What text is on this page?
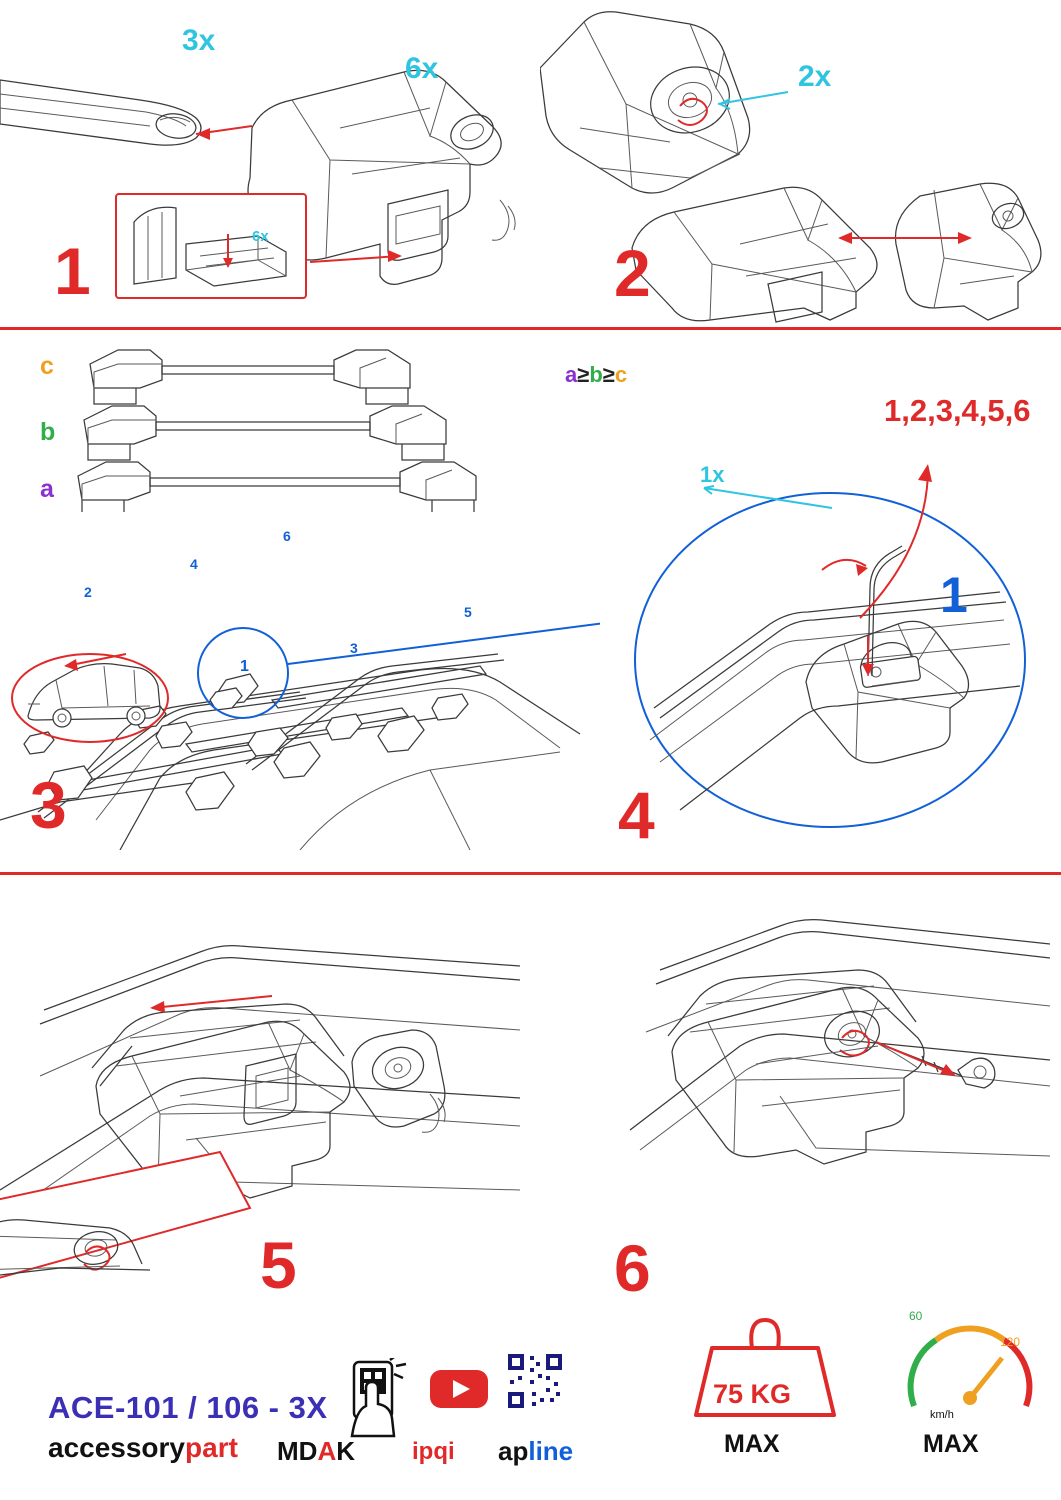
3x
6x
6x
1
2x
2
c
b
a
a≥b≥c
1
2
3
4
5
6
3
1x
1
1,2,3,4,5,6
4
5	6
ACE-101 / 106 - 3X
accessorypart MDAK ipqi apline
75 KG
MAX
60
120
km/h
MAX
